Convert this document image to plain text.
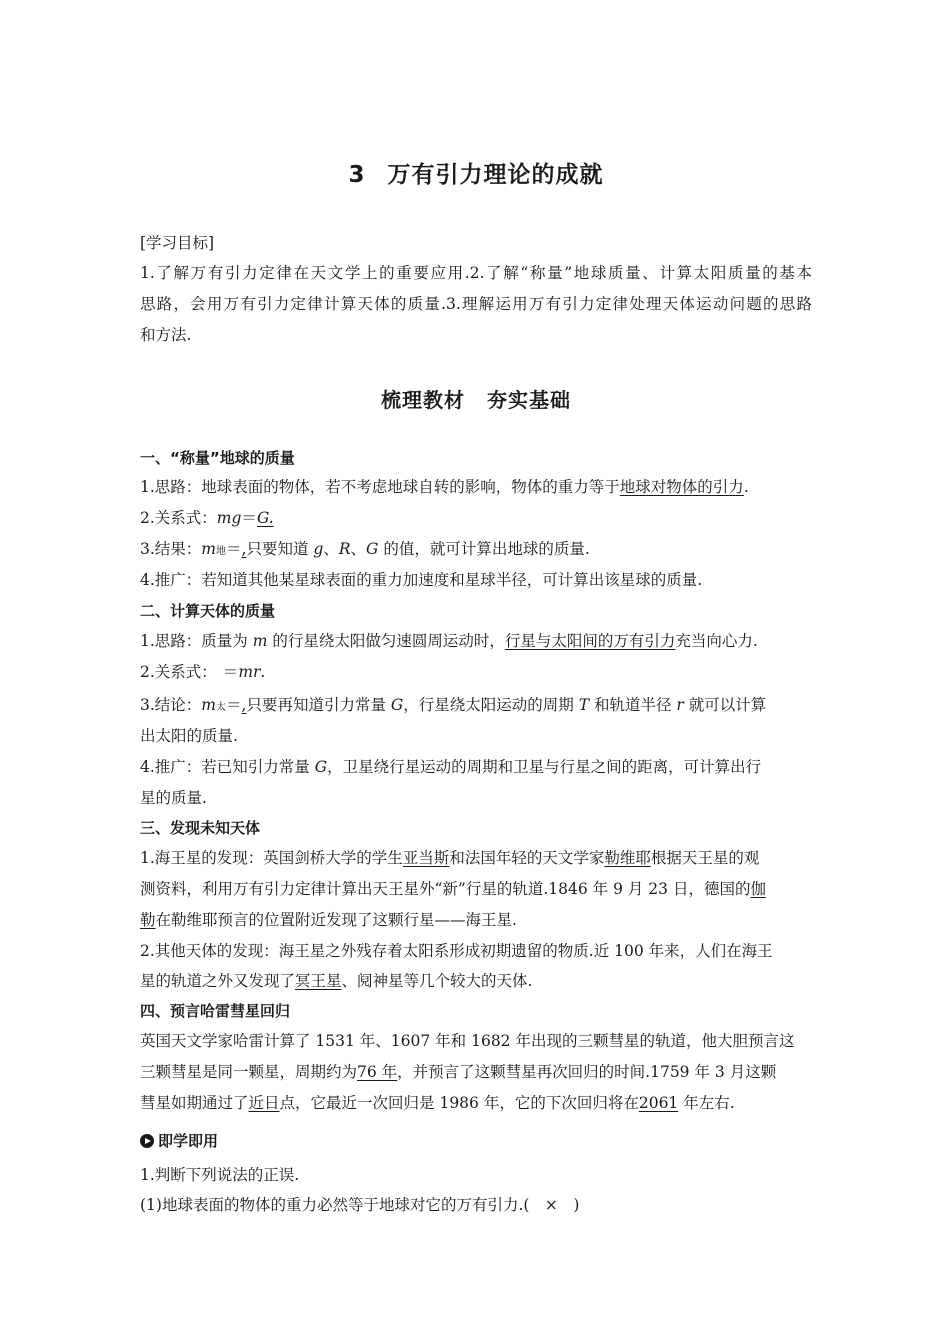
3 万有引力理论的成就
[学习目标]
1.了解万有引力定律在天文学上的重要应用.2.了解“称量”地球质量、计算太阳质量的基本
思路，会用万有引力定律计算天体的质量.3.理解运用万有引力定律处理天体运动问题的思路
和方法.
梳理教材 夯实基础
一、“称量”地球的质量
1.思路：地球表面的物体，若不考虑地球自转的影响，物体的重力等于地球对物体的引力.
2.关系式：mg＝G.
3.结果：m地＝,只要知道 g、R、G 的值，就可计算出地球的质量.
4.推广：若知道其他某星球表面的重力加速度和星球半径，可计算出该星球的质量.
二、计算天体的质量
1.思路：质量为 m 的行星绕太阳做匀速圆周运动时，行星与太阳间的万有引力充当向心力.
2.关系式： ＝mr.
3.结论：m太＝,只要再知道引力常量 G，行星绕太阳运动的周期 T 和轨道半径 r 就可以计算
出太阳的质量.
4.推广：若已知引力常量 G，卫星绕行星运动的周期和卫星与行星之间的距离，可计算出行
星的质量.
三、发现未知天体
1.海王星的发现：英国剑桥大学的学生亚当斯和法国年轻的天文学家勒维耶根据天王星的观
测资料，利用万有引力定律计算出天王星外“新”行星的轨道.1846 年 9 月 23 日，德国的伽
勒在勒维耶预言的位置附近发现了这颗行星——海王星.
2.其他天体的发现：海王星之外残存着太阳系形成初期遗留的物质.近 100 年来，人们在海王
星的轨道之外又发现了冥王星、阋神星等几个较大的天体.
四、预言哈雷彗星回归
英国天文学家哈雷计算了 1531 年、1607 年和 1682 年出现的三颗彗星的轨道，他大胆预言这
三颗彗星是同一颗星，周期约为76 年，并预言了这颗彗星再次回归的时间.1759 年 3 月这颗
彗星如期通过了近日点，它最近一次回归是 1986 年，它的下次回归将在2061 年左右.
即学即用
1.判断下列说法的正误.
(1)地球表面的物体的重力必然等于地球对它的万有引力.(　×　)
